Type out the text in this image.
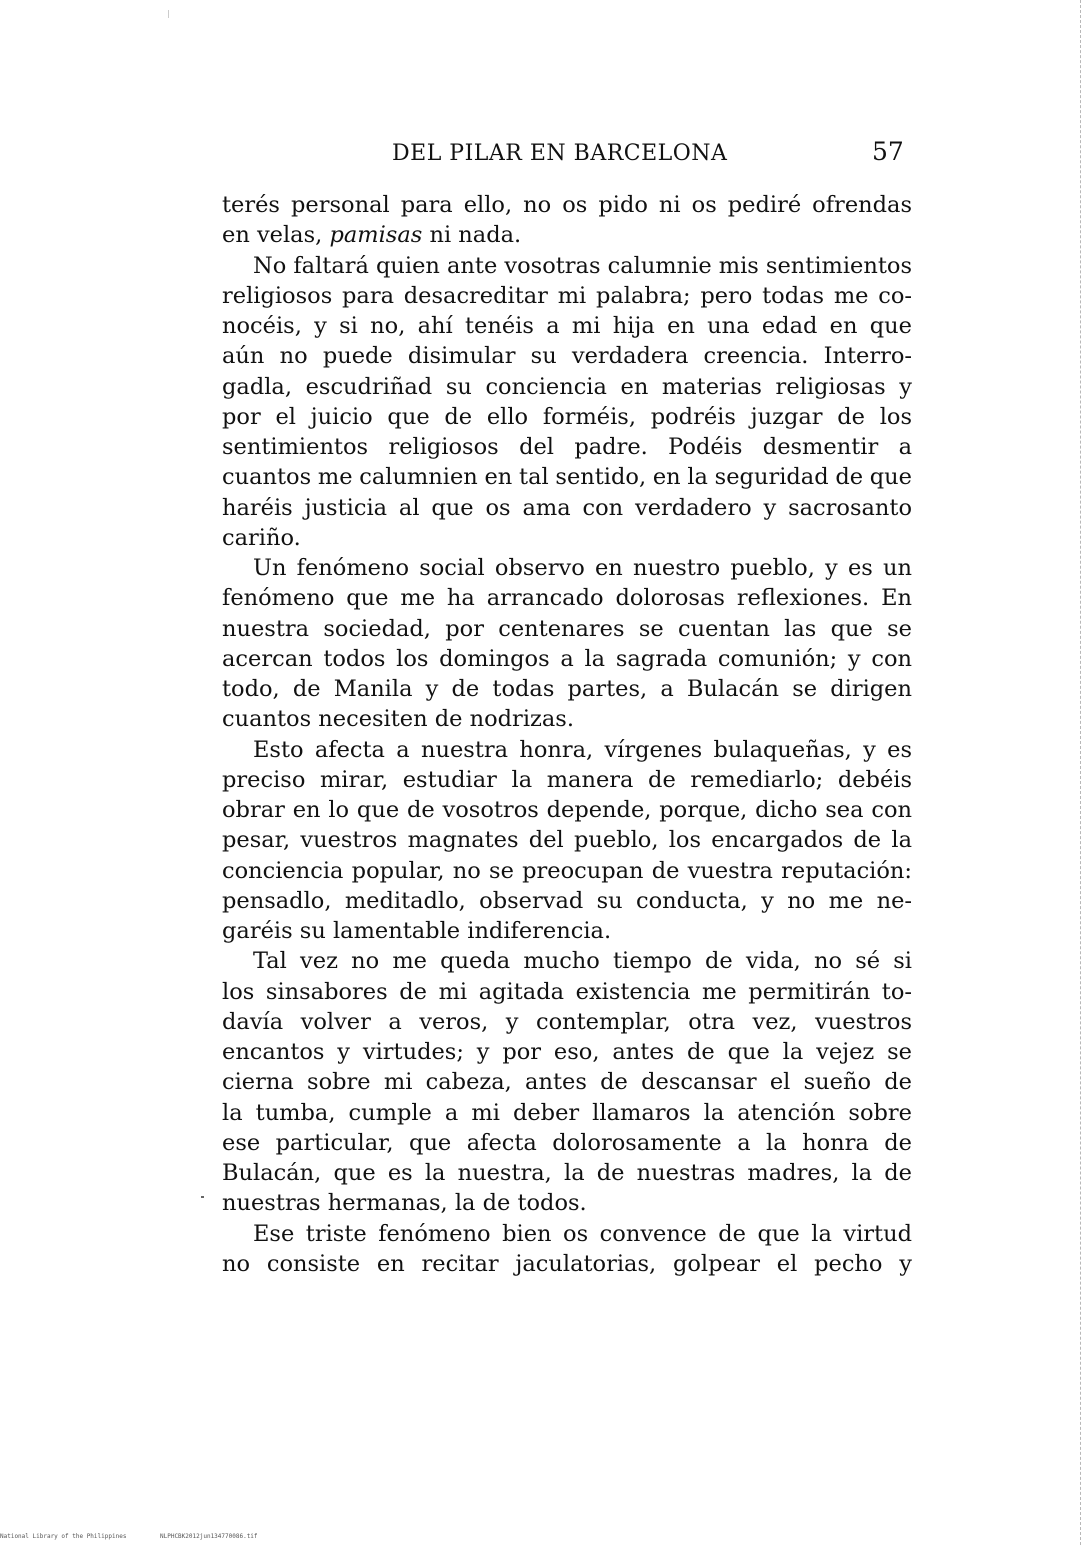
DEL PILAR EN BARCELONA	57
terés personal para ello, no os pido ni os pediré ofrendas
en velas, pamisas ni nada.
No faltará quien ante vosotras calumnie mis sentimientos
religiosos para desacreditar mi palabra; pero todas me co-
nocéis, y si no, ahí tenéis a mi hija en una edad en que
aún no puede disimular su verdadera creencia. Interro-
gadla, escudriñad su conciencia en materias religiosas y
por el juicio que de ello forméis, podréis juzgar de los
sentimientos religiosos del padre. Podéis desmentir a
cuantos me calumnien en tal sentido, en la seguridad de que
haréis justicia al que os ama con verdadero y sacrosanto
cariño.
Un fenómeno social observo en nuestro pueblo, y es un
fenómeno que me ha arrancado dolorosas reflexiones. En
nuestra sociedad, por centenares se cuentan las que se
acercan todos los domingos a la sagrada comunión; y con
todo, de Manila y de todas partes, a Bulacán se dirigen
cuantos necesiten de nodrizas.
Esto afecta a nuestra honra, vírgenes bulaqueñas, y es
preciso mirar, estudiar la manera de remediarlo; debéis
obrar en lo que de vosotros depende, porque, dicho sea con
pesar, vuestros magnates del pueblo, los encargados de la
conciencia popular, no se preocupan de vuestra reputación:
pensadlo, meditadlo, observad su conducta, y no me ne-
garéis su lamentable indiferencia.
Tal vez no me queda mucho tiempo de vida, no sé si
los sinsabores de mi agitada existencia me permitirán to-
davía volver a veros, y contemplar, otra vez, vuestros
encantos y virtudes; y por eso, antes de que la vejez se
cierna sobre mi cabeza, antes de descansar el sueño de
la tumba, cumple a mi deber llamaros la atención sobre
ese particular, que afecta dolorosamente a la honra de
Bulacán, que es la nuestra, la de nuestras madres, la de
nuestras hermanas, la de todos.
Ese triste fenómeno bien os convence de que la virtud
no consiste en recitar jaculatorias, golpear el pecho y
National Library of the Philippines	NLPHCBK2012jun134770086.tif
